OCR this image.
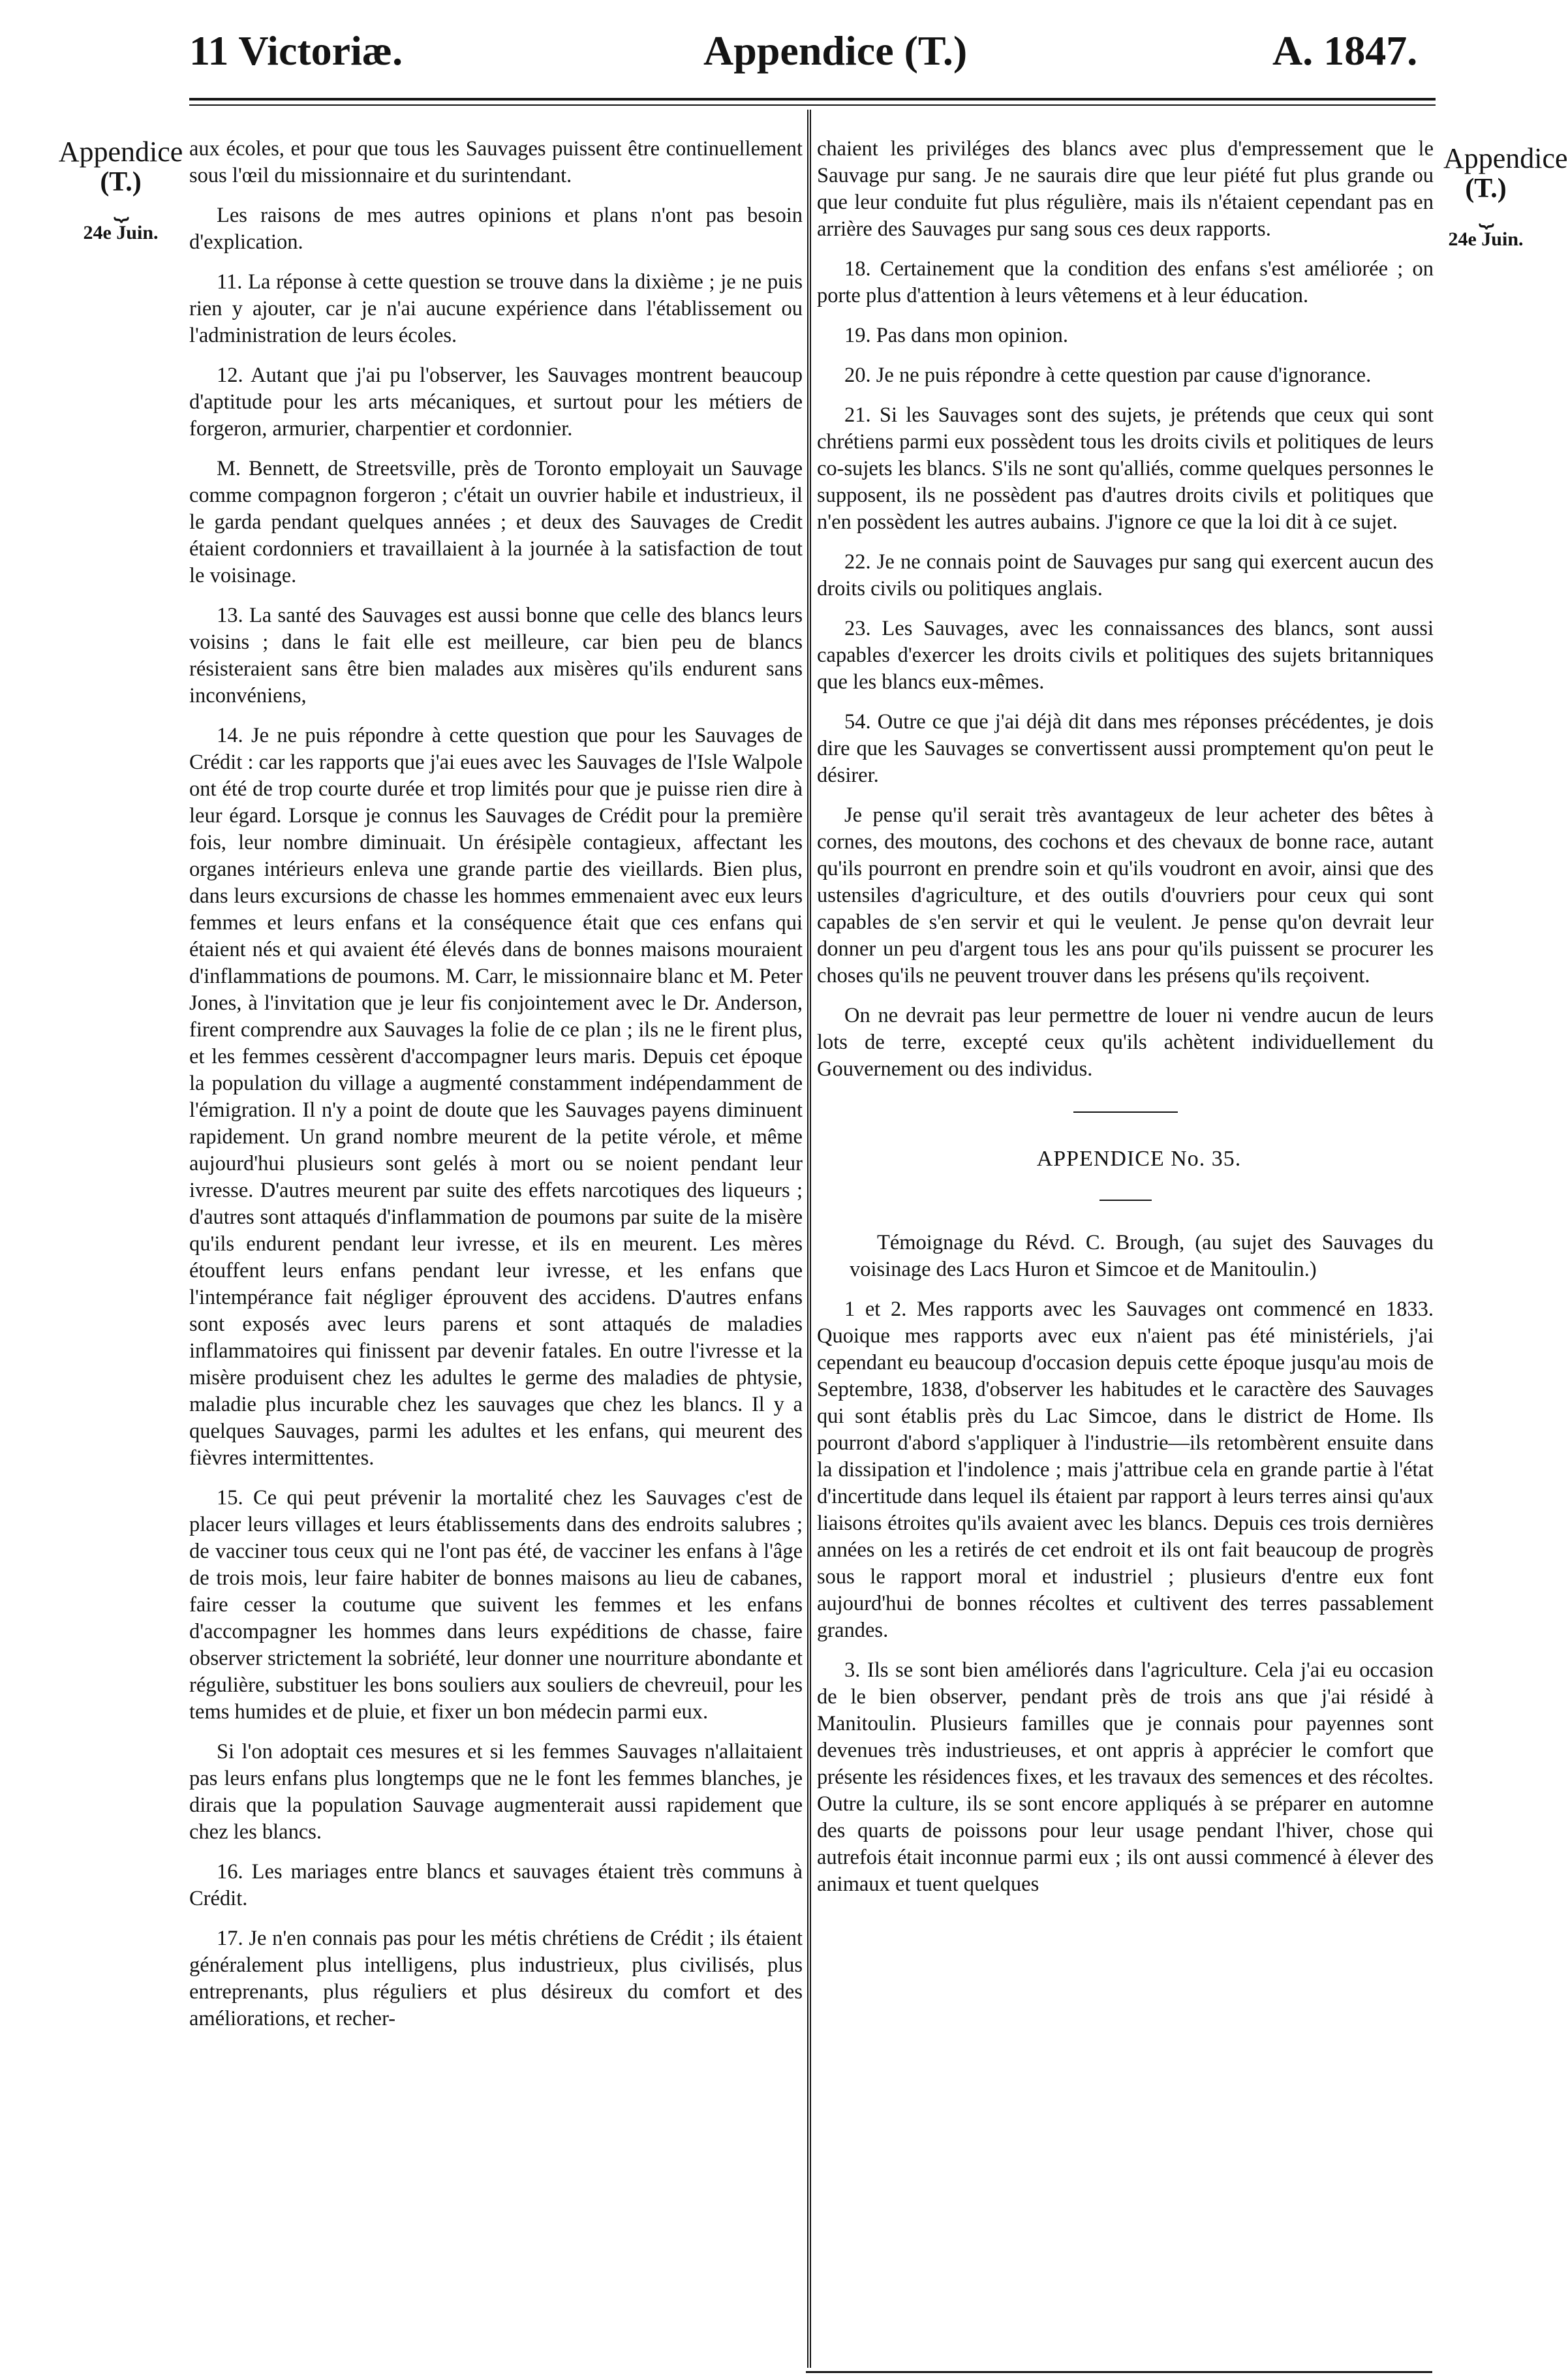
11 Victoriæ.	Appendice (T.)	A. 1847.
Appendice
(T.)
⏟
24e Juin.
Appendice
(T.)
⏟
24e Juin.

aux écoles, et pour que tous les Sauvages puissent être continuellement sous l'œil du missionnaire et du surintendant.

Les raisons de mes autres opinions et plans n'ont pas besoin d'explication.

11. La réponse à cette question se trouve dans la dixième ; je ne puis rien y ajouter, car je n'ai aucune expérience dans l'établissement ou l'administration de leurs écoles.

12. Autant que j'ai pu l'observer, les Sauvages montrent beaucoup d'aptitude pour les arts mécaniques, et surtout pour les métiers de forgeron, armurier, charpentier et cordonnier.

M. Bennett, de Streetsville, près de Toronto employait un Sauvage comme compagnon forgeron ; c'était un ouvrier habile et industrieux, il le garda pendant quelques années ; et deux des Sauvages de Credit étaient cordonniers et travaillaient à la journée à la satisfaction de tout le voisinage.

13. La santé des Sauvages est aussi bonne que celle des blancs leurs voisins ; dans le fait elle est meilleure, car bien peu de blancs résisteraient sans être bien malades aux misères qu'ils endurent sans inconvéniens,

14. Je ne puis répondre à cette question que pour les Sauvages de Crédit : car les rapports que j'ai eues avec les Sauvages de l'Isle Walpole ont été de trop courte durée et trop limités pour que je puisse rien dire à leur égard. Lorsque je connus les Sauvages de Crédit pour la première fois, leur nombre diminuait. Un érésipèle contagieux, affectant les organes intérieurs enleva une grande partie des vieillards. Bien plus, dans leurs excursions de chasse les hommes emmenaient avec eux leurs femmes et leurs enfans et la conséquence était que ces enfans qui étaient nés et qui avaient été élevés dans de bonnes maisons mouraient d'inflammations de poumons. M. Carr, le missionnaire blanc et M. Peter Jones, à l'invitation que je leur fis conjointement avec le Dr. Anderson, firent comprendre aux Sauvages la folie de ce plan ; ils ne le firent plus, et les femmes cessèrent d'accompagner leurs maris. Depuis cet époque la population du village a augmenté constamment indépendamment de l'émigration. Il n'y a point de doute que les Sauvages payens diminuent rapidement. Un grand nombre meurent de la petite vérole, et même aujourd'hui plusieurs sont gelés à mort ou se noient pendant leur ivresse. D'autres meurent par suite des effets narcotiques des liqueurs ; d'autres sont attaqués d'inflammation de poumons par suite de la misère qu'ils endurent pendant leur ivresse, et ils en meurent. Les mères étouffent leurs enfans pendant leur ivresse, et les enfans que l'intempérance fait négliger éprouvent des accidens. D'autres enfans sont exposés avec leurs parens et sont attaqués de maladies inflammatoires qui finissent par devenir fatales. En outre l'ivresse et la misère produisent chez les adultes le germe des maladies de phtysie, maladie plus incurable chez les sauvages que chez les blancs. Il y a quelques Sauvages, parmi les adultes et les enfans, qui meurent des fièvres intermittentes.

15. Ce qui peut prévenir la mortalité chez les Sauvages c'est de placer leurs villages et leurs établissements dans des endroits salubres ; de vacciner tous ceux qui ne l'ont pas été, de vacciner les enfans à l'âge de trois mois, leur faire habiter de bonnes maisons au lieu de cabanes, faire cesser la coutume que suivent les femmes et les enfans d'accompagner les hommes dans leurs expéditions de chasse, faire observer strictement la sobriété, leur donner une nourriture abondante et régulière, substituer les bons souliers aux souliers de chevreuil, pour les tems humides et de pluie, et fixer un bon médecin parmi eux.

Si l'on adoptait ces mesures et si les femmes Sauvages n'allaitaient pas leurs enfans plus longtemps que ne le font les femmes blanches, je dirais que la population Sauvage augmenterait aussi rapidement que chez les blancs.

16. Les mariages entre blancs et sauvages étaient très communs à Crédit.

17. Je n'en connais pas pour les métis chrétiens de Crédit ; ils étaient généralement plus intelligens, plus industrieux, plus civilisés, plus entreprenants, plus réguliers et plus désireux du comfort et des améliorations, et recher-

chaient les priviléges des blancs avec plus d'empressement que le Sauvage pur sang. Je ne saurais dire que leur piété fut plus grande ou que leur conduite fut plus régulière, mais ils n'étaient cependant pas en arrière des Sauvages pur sang sous ces deux rapports.

18. Certainement que la condition des enfans s'est améliorée ; on porte plus d'attention à leurs vêtemens et à leur éducation.

19. Pas dans mon opinion.

20. Je ne puis répondre à cette question par cause d'ignorance.

21. Si les Sauvages sont des sujets, je prétends que ceux qui sont chrétiens parmi eux possèdent tous les droits civils et politiques de leurs co-sujets les blancs. S'ils ne sont qu'alliés, comme quelques personnes le supposent, ils ne possèdent pas d'autres droits civils et politiques que n'en possèdent les autres aubains. J'ignore ce que la loi dit à ce sujet.

22. Je ne connais point de Sauvages pur sang qui exercent aucun des droits civils ou politiques anglais.

23. Les Sauvages, avec les connaissances des blancs, sont aussi capables d'exercer les droits civils et politiques des sujets britanniques que les blancs eux-mêmes.

54. Outre ce que j'ai déjà dit dans mes réponses précédentes, je dois dire que les Sauvages se convertissent aussi promptement qu'on peut le désirer.

Je pense qu'il serait très avantageux de leur acheter des bêtes à cornes, des moutons, des cochons et des chevaux de bonne race, autant qu'ils pourront en prendre soin et qu'ils voudront en avoir, ainsi que des ustensiles d'agriculture, et des outils d'ouvriers pour ceux qui sont capables de s'en servir et qui le veulent. Je pense qu'on devrait leur donner un peu d'argent tous les ans pour qu'ils puissent se procurer les choses qu'ils ne peuvent trouver dans les présens qu'ils reçoivent.

On ne devrait pas leur permettre de louer ni vendre aucun de leurs lots de terre, excepté ceux qu'ils achètent individuellement du Gouvernement ou des individus.

APPENDICE No. 35.

Témoignage du Révd. C. Brough, (au sujet des Sauvages du voisinage des Lacs Huron et Simcoe et de Manitoulin.)

1 et 2. Mes rapports avec les Sauvages ont commencé en 1833. Quoique mes rapports avec eux n'aient pas été ministériels, j'ai cependant eu beaucoup d'occasion depuis cette époque jusqu'au mois de Septembre, 1838, d'observer les habitudes et le caractère des Sauvages qui sont établis près du Lac Simcoe, dans le district de Home. Ils pourront d'abord s'appliquer à l'industrie—ils retombèrent ensuite dans la dissipation et l'indolence ; mais j'attribue cela en grande partie à l'état d'incertitude dans lequel ils étaient par rapport à leurs terres ainsi qu'aux liaisons étroites qu'ils avaient avec les blancs. Depuis ces trois dernières années on les a retirés de cet endroit et ils ont fait beaucoup de progrès sous le rapport moral et industriel ; plusieurs d'entre eux font aujourd'hui de bonnes récoltes et cultivent des terres passablement grandes.

3. Ils se sont bien améliorés dans l'agriculture. Cela j'ai eu occasion de le bien observer, pendant près de trois ans que j'ai résidé à Manitoulin. Plusieurs familles que je connais pour payennes sont devenues très industrieuses, et ont appris à apprécier le comfort que présente les résidences fixes, et les travaux des semences et des récoltes. Outre la culture, ils se sont encore appliqués à se préparer en automne des quarts de poissons pour leur usage pendant l'hiver, chose qui autrefois était inconnue parmi eux ; ils ont aussi commencé à élever des animaux et tuent quelques
